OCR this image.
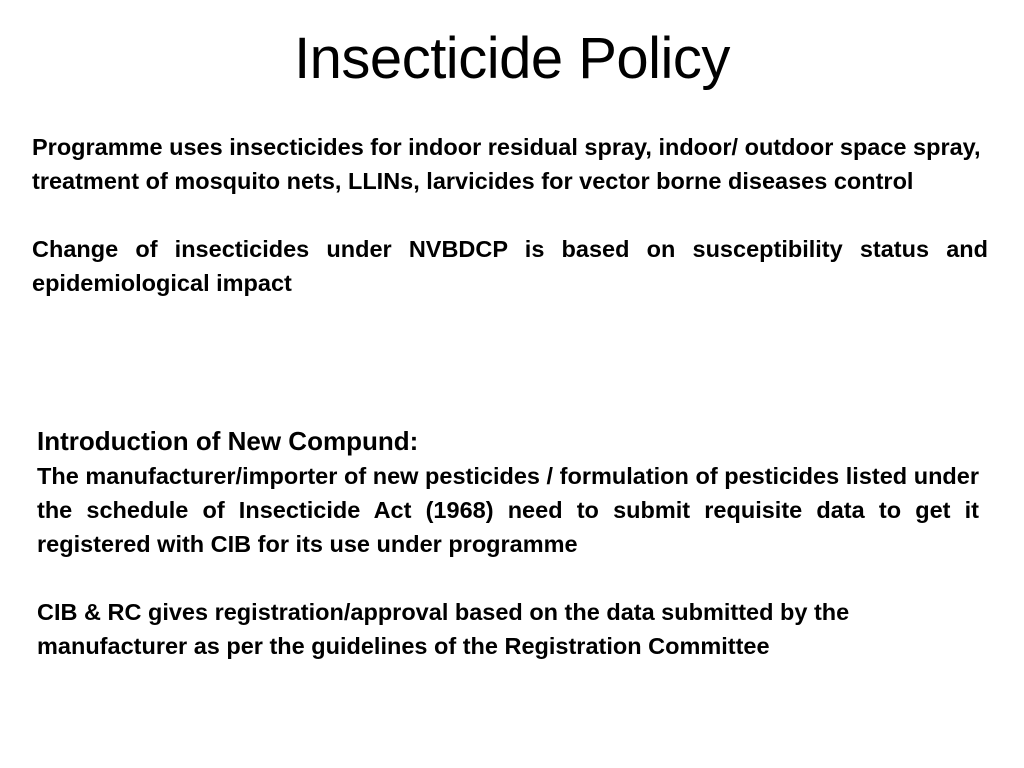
Insecticide Policy

Programme uses insecticides for indoor residual spray, indoor/ outdoor space spray, treatment of mosquito nets, LLINs, larvicides for vector borne diseases control

Change of insecticides under NVBDCP is based on susceptibility status and epidemiological impact

Introduction of New Compund:

The manufacturer/importer of new pesticides / formulation of pesticides listed under the schedule of Insecticide Act (1968) need to submit requisite data to get it registered with CIB for its use under programme

CIB & RC gives registration/approval based on the data submitted by the manufacturer as per the guidelines of the Registration Committee
